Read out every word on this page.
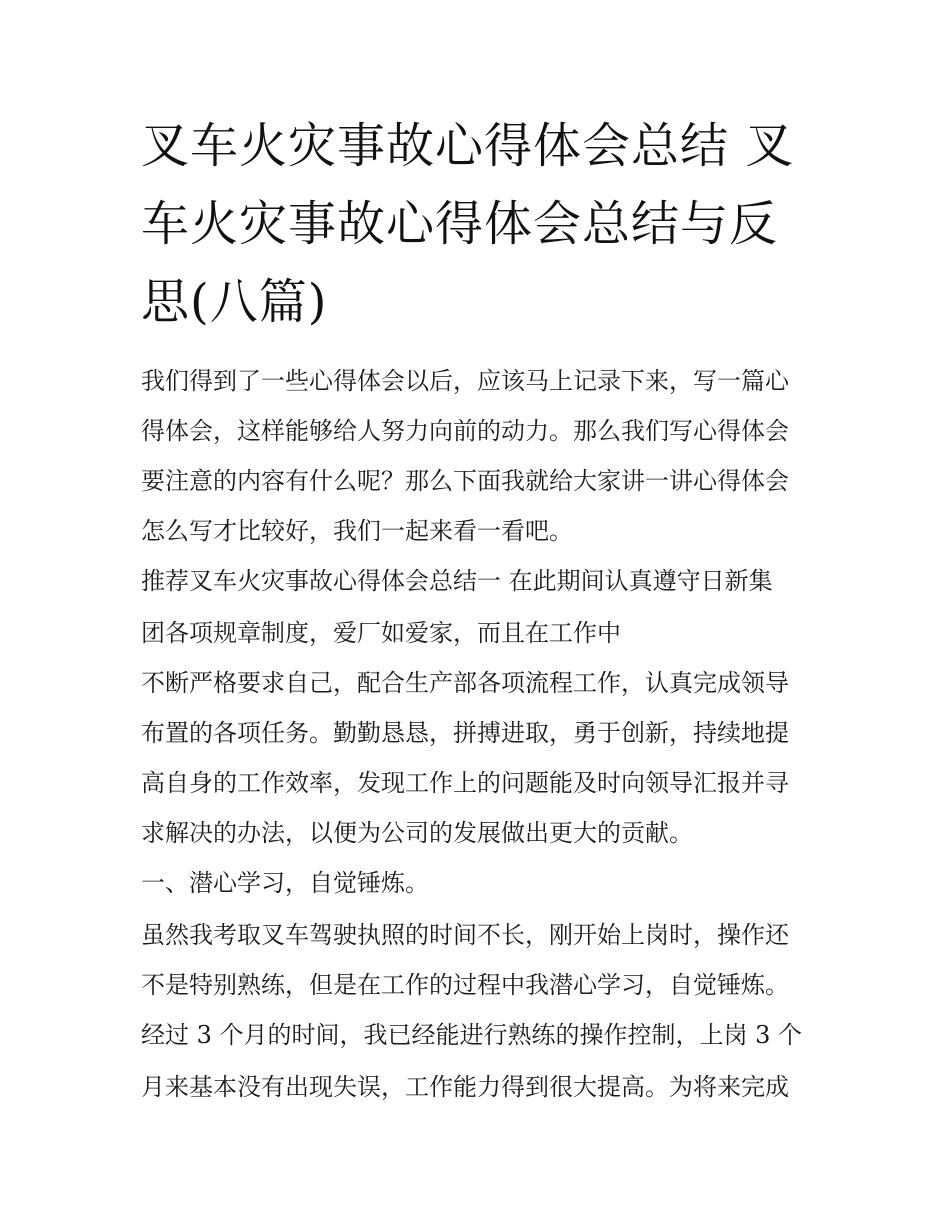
叉车火灾事故心得体会总结 叉
车火灾事故心得体会总结与反
思(八篇)
我们得到了一些心得体会以后，应该马上记录下来，写一篇心
得体会，这样能够给人努力向前的动力。那么我们写心得体会
要注意的内容有什么呢？那么下面我就给大家讲一讲心得体会
怎么写才比较好，我们一起来看一看吧。
推荐叉车火灾事故心得体会总结一 在此期间认真遵守日新集
团各项规章制度，爱厂如爱家，而且在工作中
不断严格要求自己，配合生产部各项流程工作，认真完成领导
布置的各项任务。勤勤恳恳，拼搏进取，勇于创新，持续地提
高自身的工作效率，发现工作上的问题能及时向领导汇报并寻
求解决的办法，以便为公司的发展做出更大的贡献。
一、潜心学习，自觉锤炼。
虽然我考取叉车驾驶执照的时间不长，刚开始上岗时，操作还
不是特别熟练，但是在工作的过程中我潜心学习，自觉锤炼。
经过 3 个月的时间，我已经能进行熟练的操作控制，上岗 3 个
月来基本没有出现失误，工作能力得到很大提高。为将来完成
